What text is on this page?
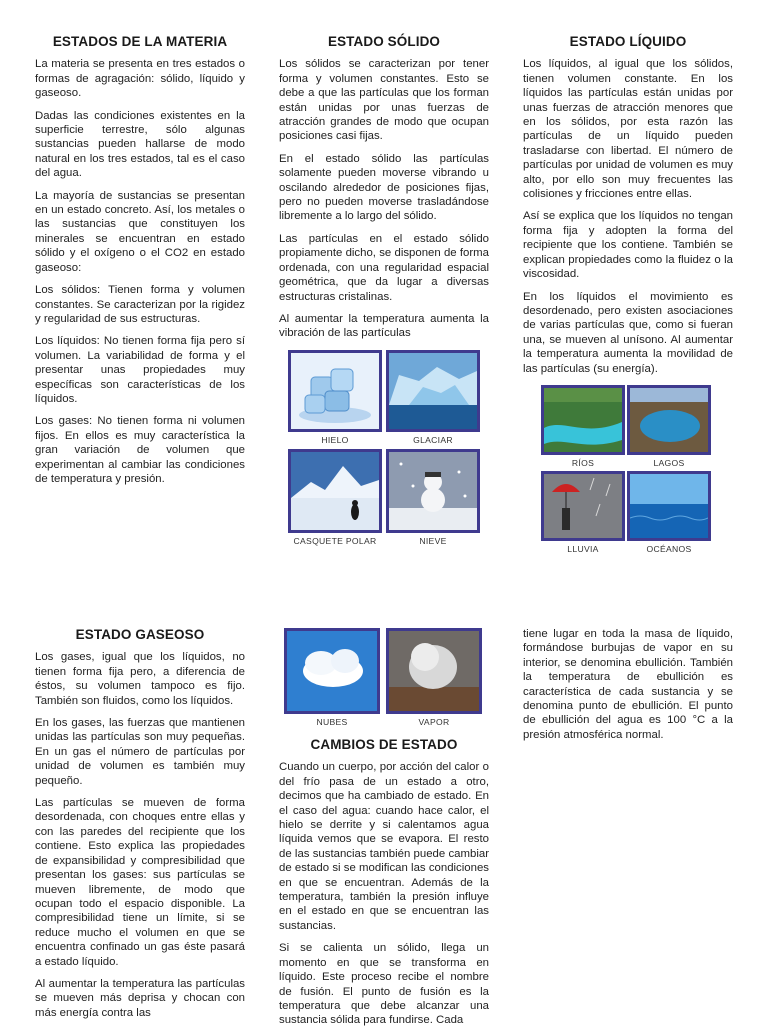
ESTADOS DE LA MATERIA

La materia se presenta en tres estados o formas de agragación: sólido, líquido y gaseoso.

Dadas las condiciones existentes en la superficie terrestre, sólo algunas sustancias pueden hallarse de modo natural en los tres estados, tal es el caso del agua.

La mayoría de sustancias se presentan en un estado concreto. Así, los metales o las sustancias que constituyen los minerales se encuentran en estado sólido y el oxígeno o el CO2 en estado gaseoso:

Los sólidos: Tienen forma y volumen constantes. Se caracterizan por la rigidez y regularidad de sus estructuras.

Los líquidos: No tienen forma fija pero sí volumen. La variabilidad de forma y el presentar unas propiedades muy específicas son características de los líquidos.

Los gases: No tienen forma ni volumen fijos. En ellos es muy característica la gran variación de volumen que experimentan al cambiar las condiciones de temperatura y presión.

ESTADO SÓLIDO

Los sólidos se caracterizan por tener forma y volumen constantes. Esto se debe a que las partículas que los forman están unidas por unas fuerzas de atracción grandes de modo que ocupan posiciones casi fijas.

En el estado sólido las partículas solamente pueden moverse vibrando u oscilando alrededor de posiciones fijas, pero no pueden moverse trasladándose libremente a lo largo del sólido.

Las partículas en el estado sólido propiamente dicho, se disponen de forma ordenada, con una regularidad espacial geométrica, que da lugar a diversas estructuras cristalinas.

Al aumentar la temperatura aumenta la vibración de las partículas

HIELO	GLACIAR
CASQUETE POLAR	NIEVE
ESTADO LÍQUIDO

Los líquidos, al igual que los sólidos, tienen volumen constante. En los líquidos las partículas están unidas por unas fuerzas de atracción menores que en los sólidos, por esta razón las partículas de un líquido pueden trasladarse con libertad. El número de partículas por unidad de volumen es muy alto, por ello son muy frecuentes las colisiones y fricciones entre ellas.

Así se explica que los líquidos no tengan forma fija y adopten la forma del recipiente que los contiene. También se explican propiedades como la fluidez o la viscosidad.

En los líquidos el movimiento es desordenado, pero existen asociaciones de varias partículas que, como si fueran una, se mueven al unísono. Al aumentar la temperatura aumenta la movilidad de las partículas (su energía).

RÍOS	LAGOS
LLUVIA	OCÉANOS
ESTADO GASEOSO

Los gases, igual que los líquidos, no tienen forma fija pero, a diferencia de éstos, su volumen tampoco es fijo. También son fluidos, como los líquidos.

En los gases, las fuerzas que mantienen unidas las partículas son muy pequeñas. En un gas el número de partículas por unidad de volumen es también muy pequeño.

Las partículas se mueven de forma desordenada, con choques entre ellas y con las paredes del recipiente que los contiene. Esto explica las propiedades de expansibilidad y compresibilidad que presentan los gases: sus partículas se mueven libremente, de modo que ocupan todo el espacio disponible. La compresibilidad tiene un límite, si se reduce mucho el volumen en que se encuentra confinado un gas éste pasará a estado líquido.

Al aumentar la temperatura las partículas se mueven más deprisa y chocan con más energía contra las

NUBES	VAPOR
CAMBIOS DE ESTADO

Cuando un cuerpo, por acción del calor o del frío pasa de un estado a otro, decimos que ha cambiado de estado. En el caso del agua: cuando hace calor, el hielo se derrite y si calentamos agua líquida vemos que se evapora. El resto de las sustancias también puede cambiar de estado si se modifican las condiciones en que se encuentran. Además de la temperatura, también la presión influye en el estado en que se encuentran las sustancias.

Si se calienta un sólido, llega un momento en que se transforma en líquido. Este proceso recibe el nombre de fusión. El punto de fusión es la temperatura que debe alcanzar una sustancia sólida para fundirse. Cada

tiene lugar en toda la masa de líquido, formándose burbujas de vapor en su interior, se denomina ebullición. También la temperatura de ebullición es característica de cada sustancia y se denomina punto de ebullición. El punto de ebullición del agua es 100 °C a la presión atmosférica normal.
